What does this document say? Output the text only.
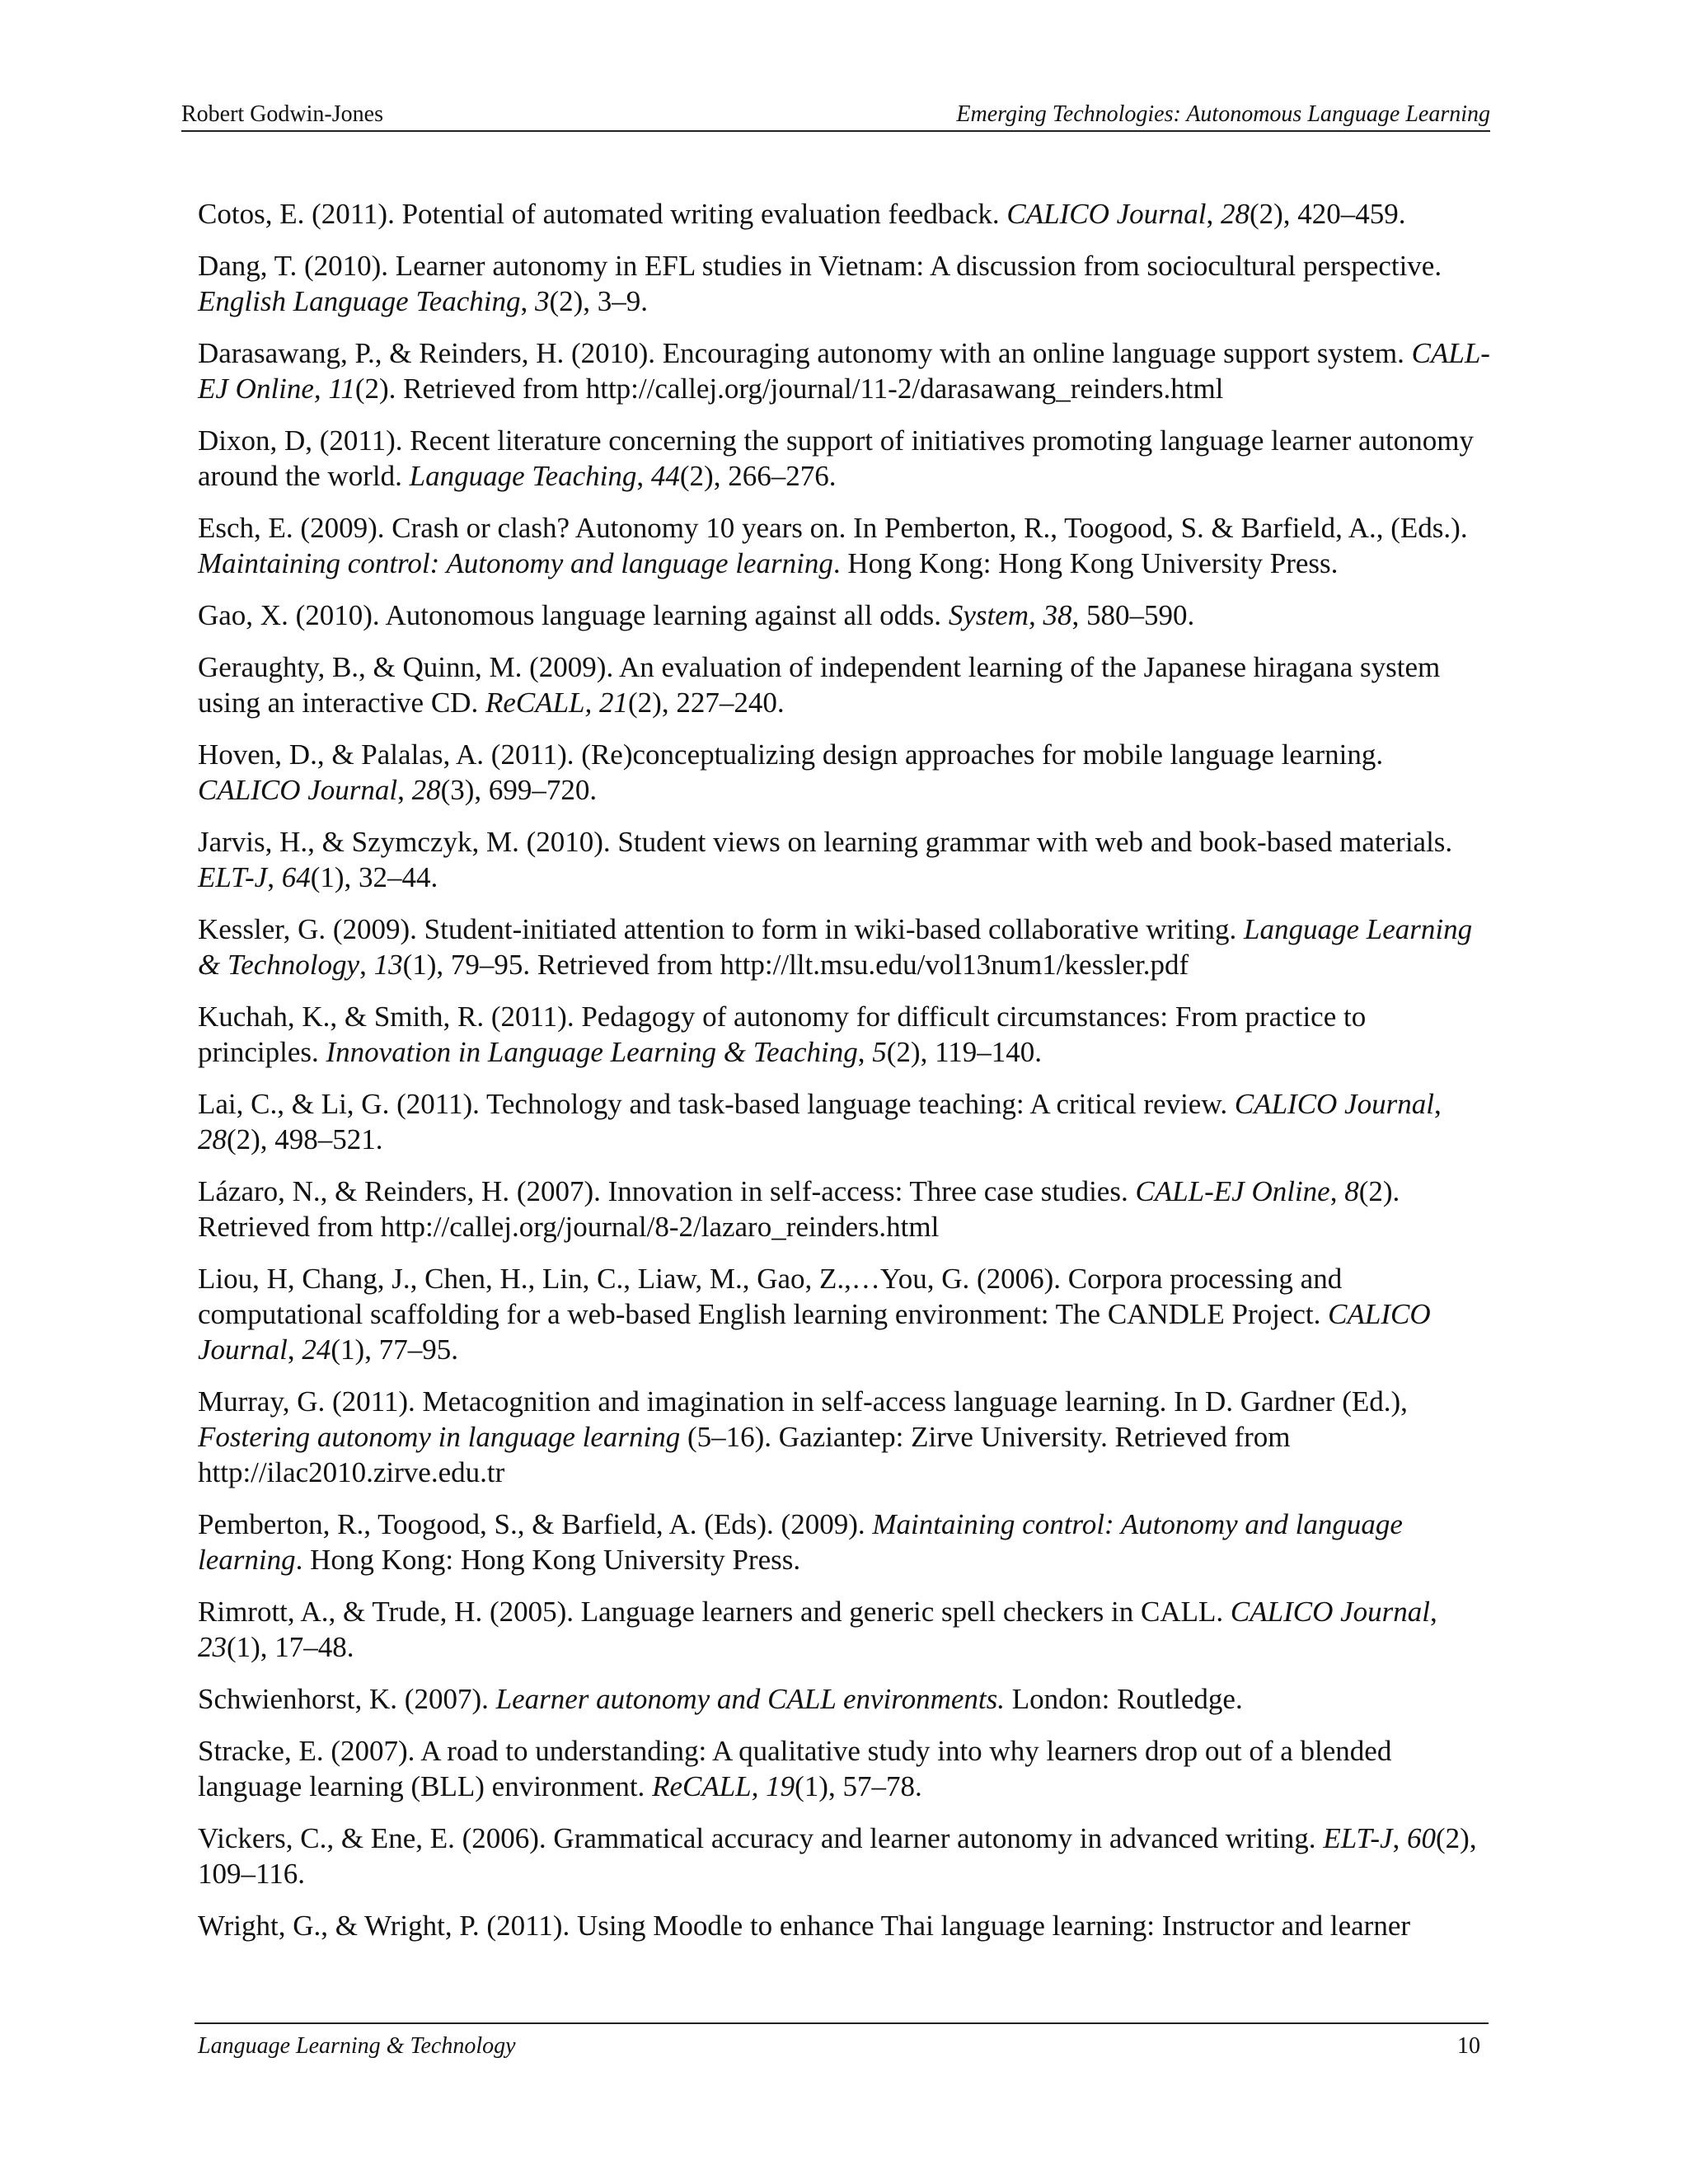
Robert Godwin-Jones	Emerging Technologies: Autonomous Language Learning

Cotos, E. (2011). Potential of automated writing evaluation feedback. CALICO Journal, 28(2), 420–459.

Dang, T. (2010). Learner autonomy in EFL studies in Vietnam: A discussion from sociocultural perspective. English Language Teaching, 3(2), 3–9.

Darasawang, P., & Reinders, H. (2010). Encouraging autonomy with an online language support system. CALL-EJ Online, 11(2). Retrieved from http://callej.org/journal/11-2/darasawang_reinders.html

Dixon, D, (2011). Recent literature concerning the support of initiatives promoting language learner autonomy around the world. Language Teaching, 44(2), 266–276.

Esch, E. (2009). Crash or clash? Autonomy 10 years on. In Pemberton, R., Toogood, S. & Barfield, A., (Eds.). Maintaining control: Autonomy and language learning. Hong Kong: Hong Kong University Press.

Gao, X. (2010). Autonomous language learning against all odds. System, 38, 580–590.

Geraughty, B., & Quinn, M. (2009). An evaluation of independent learning of the Japanese hiragana system using an interactive CD. ReCALL, 21(2), 227–240.

Hoven, D., & Palalas, A. (2011). (Re)conceptualizing design approaches for mobile language learning. CALICO Journal, 28(3), 699–720.

Jarvis, H., & Szymczyk, M. (2010). Student views on learning grammar with web and book-based materials. ELT-J, 64(1), 32–44.

Kessler, G. (2009). Student-initiated attention to form in wiki-based collaborative writing. Language Learning & Technology, 13(1), 79–95. Retrieved from http://llt.msu.edu/vol13num1/kessler.pdf

Kuchah, K., & Smith, R. (2011). Pedagogy of autonomy for difficult circumstances: From practice to principles. Innovation in Language Learning & Teaching, 5(2), 119–140.

Lai, C., & Li, G. (2011). Technology and task-based language teaching: A critical review. CALICO Journal, 28(2), 498–521.

Lázaro, N., & Reinders, H. (2007). Innovation in self-access: Three case studies. CALL-EJ Online, 8(2). Retrieved from http://callej.org/journal/8-2/lazaro_reinders.html

Liou, H, Chang, J., Chen, H., Lin, C., Liaw, M., Gao, Z.,…You, G. (2006). Corpora processing and computational scaffolding for a web-based English learning environment: The CANDLE Project. CALICO Journal, 24(1), 77–95.

Murray, G. (2011). Metacognition and imagination in self-access language learning. In D. Gardner (Ed.), Fostering autonomy in language learning (5–16). Gaziantep: Zirve University. Retrieved from http://ilac2010.zirve.edu.tr

Pemberton, R., Toogood, S., & Barfield, A. (Eds). (2009). Maintaining control: Autonomy and language learning. Hong Kong: Hong Kong University Press.

Rimrott, A., & Trude, H. (2005). Language learners and generic spell checkers in CALL. CALICO Journal, 23(1), 17–48.

Schwienhorst, K. (2007). Learner autonomy and CALL environments. London: Routledge.

Stracke, E. (2007). A road to understanding: A qualitative study into why learners drop out of a blended language learning (BLL) environment. ReCALL, 19(1), 57–78.

Vickers, C., & Ene, E. (2006). Grammatical accuracy and learner autonomy in advanced writing. ELT-J, 60(2), 109–116.

Wright, G., & Wright, P. (2011). Using Moodle to enhance Thai language learning: Instructor and learner

Language Learning & Technology	10
